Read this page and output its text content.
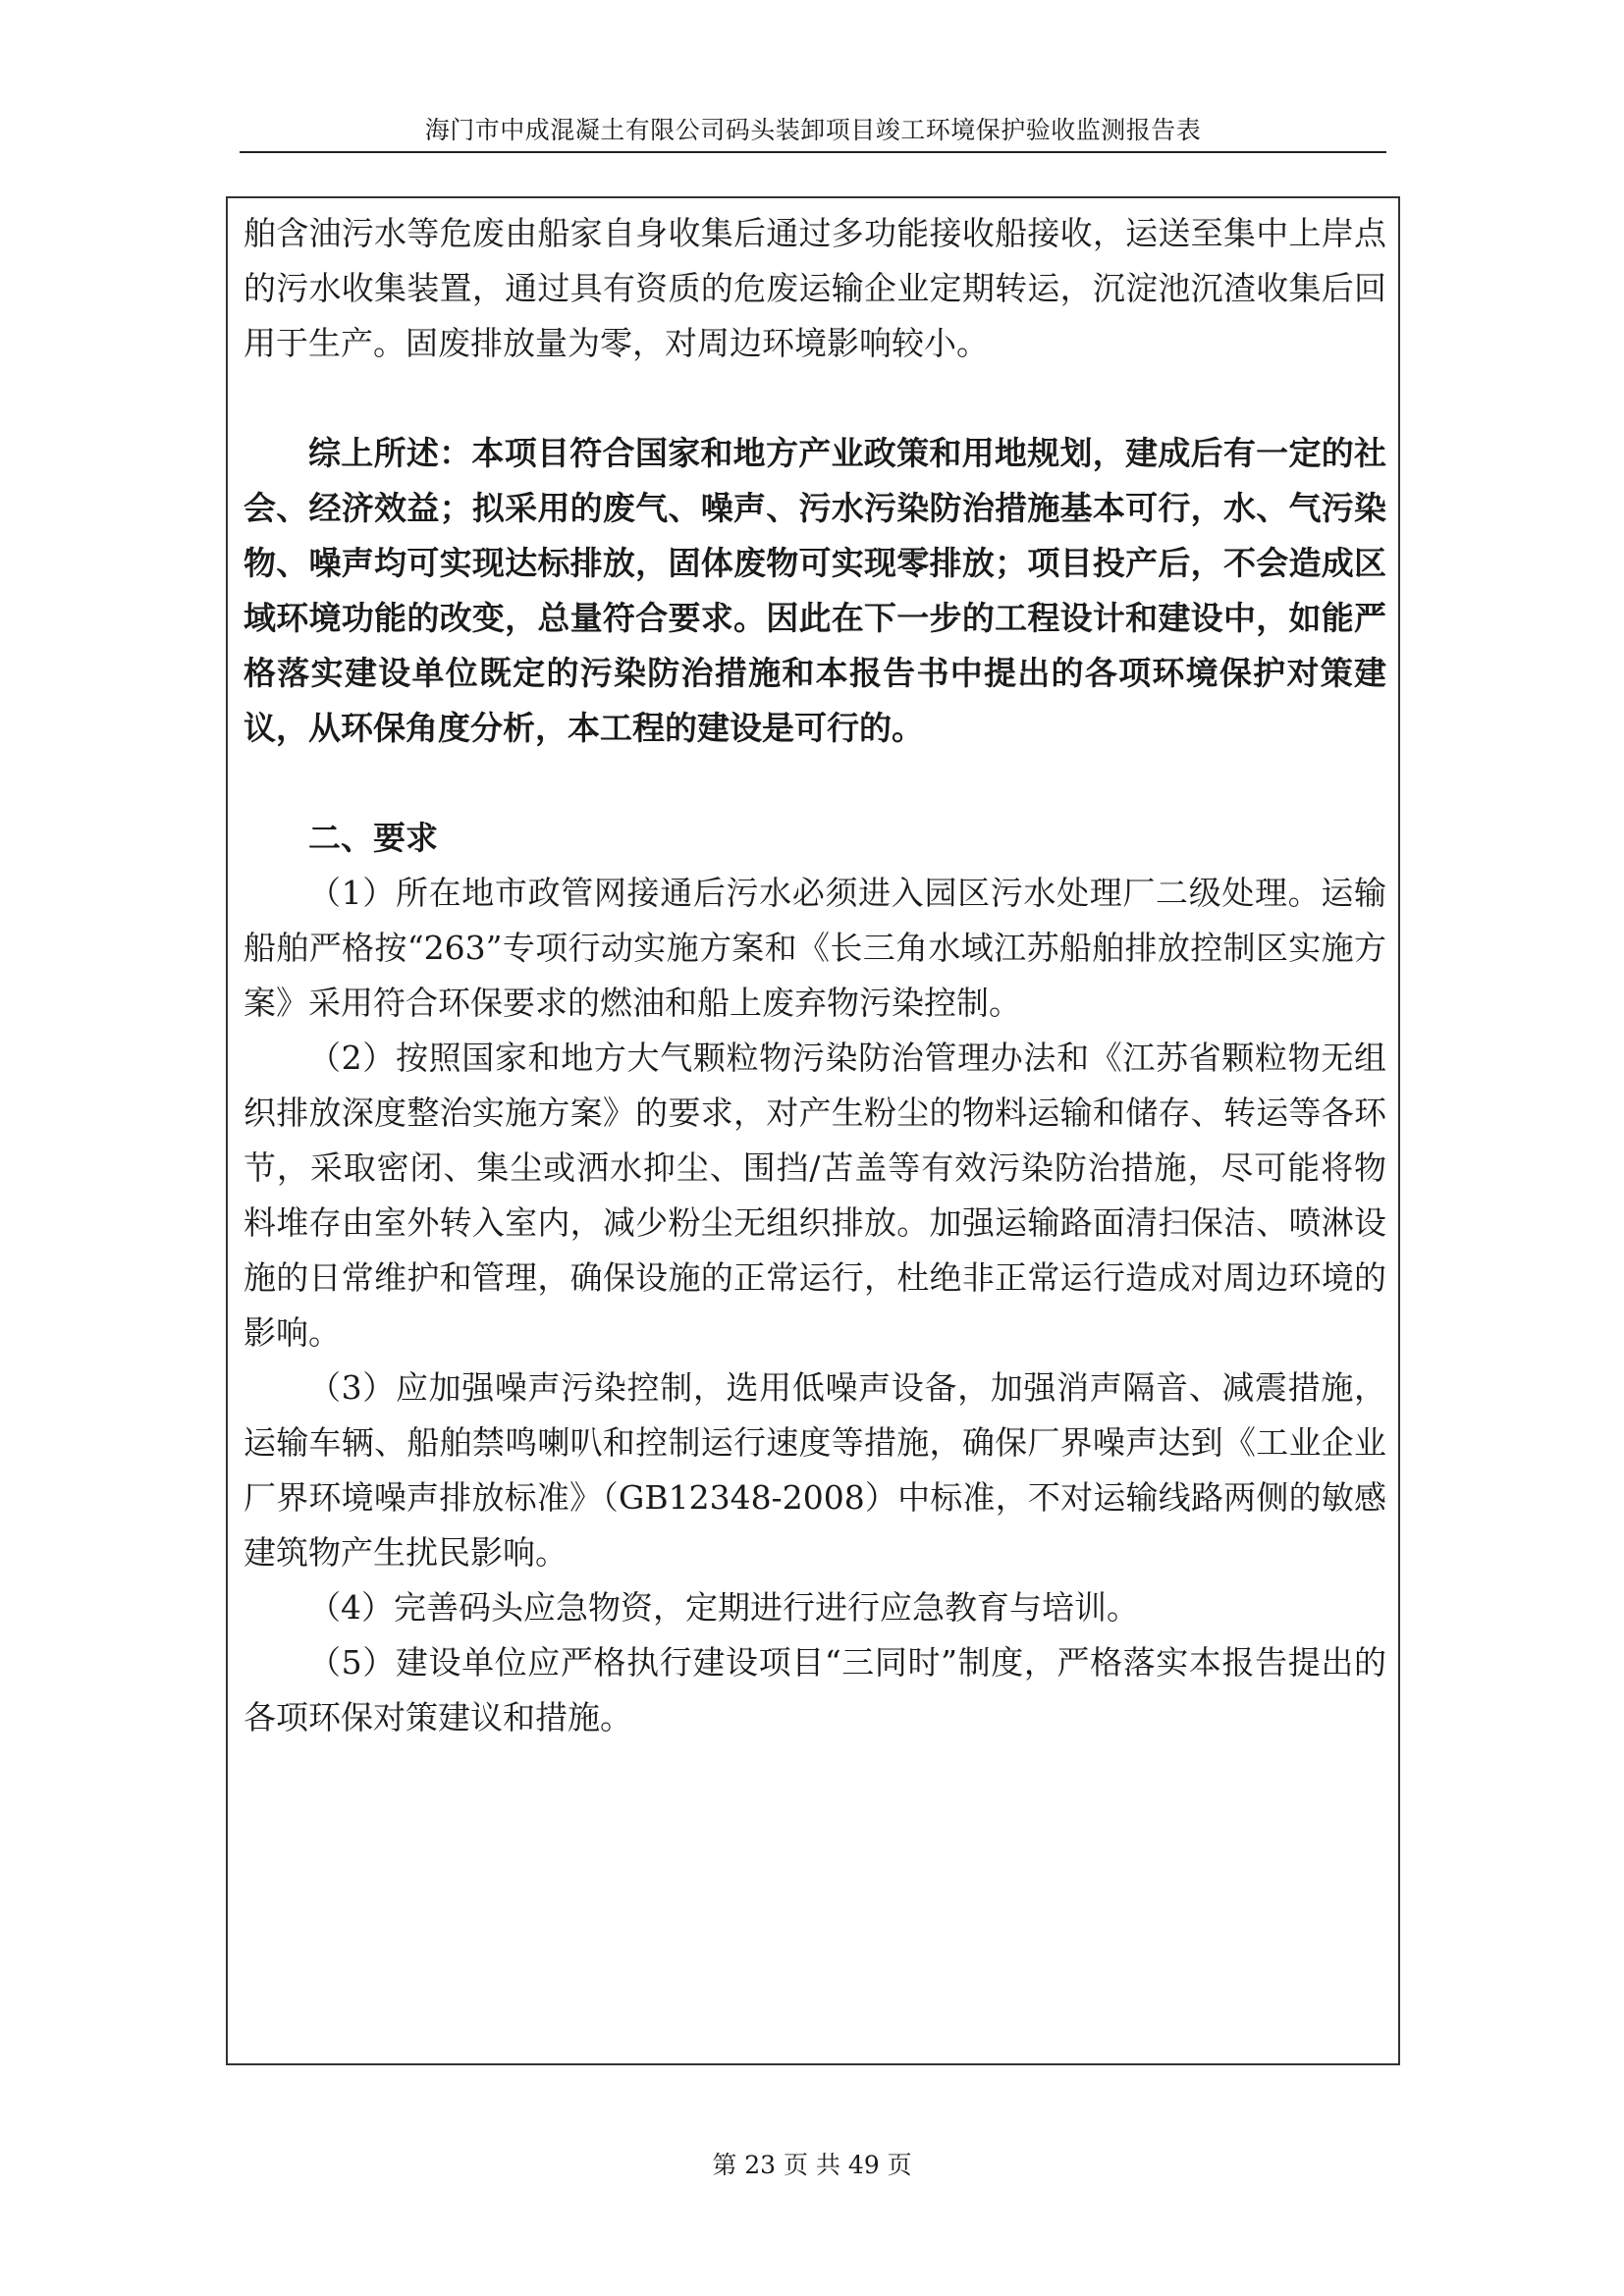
海门市中成混凝土有限公司码头装卸项目竣工环境保护验收监测报告表

舶含油污水等危废由船家自身收集后通过多功能接收船接收，运送至集中上岸点的污水收集装置，通过具有资质的危废运输企业定期转运，沉淀池沉渣收集后回用于生产。固废排放量为零，对周边环境影响较小。

综上所述：本项目符合国家和地方产业政策和用地规划，建成后有一定的社会、经济效益；拟采用的废气、噪声、污水污染防治措施基本可行，水、气污染物、噪声均可实现达标排放，固体废物可实现零排放；项目投产后，不会造成区域环境功能的改变，总量符合要求。因此在下一步的工程设计和建设中，如能严格落实建设单位既定的污染防治措施和本报告书中提出的各项环境保护对策建议，从环保角度分析，本工程的建设是可行的。

二、要求

（1）所在地市政管网接通后污水必须进入园区污水处理厂二级处理。运输船舶严格按“263”专项行动实施方案和《长三角水域江苏船舶排放控制区实施方案》采用符合环保要求的燃油和船上废弃物污染控制。

（2）按照国家和地方大气颗粒物污染防治管理办法和《江苏省颗粒物无组织排放深度整治实施方案》的要求，对产生粉尘的物料运输和储存、转运等各环节，采取密闭、集尘或洒水抑尘、围挡/苫盖等有效污染防治措施，尽可能将物料堆存由室外转入室内，减少粉尘无组织排放。加强运输路面清扫保洁、喷淋设施的日常维护和管理，确保设施的正常运行，杜绝非正常运行造成对周边环境的影响。

（3）应加强噪声污染控制，选用低噪声设备，加强消声隔音、减震措施，运输车辆、船舶禁鸣喇叭和控制运行速度等措施，确保厂界噪声达到《工业企业厂界环境噪声排放标准》（GB12348-2008）中标准，不对运输线路两侧的敏感建筑物产生扰民影响。

（4）完善码头应急物资，定期进行进行应急教育与培训。

（5）建设单位应严格执行建设项目“三同时”制度，严格落实本报告提出的各项环保对策建议和措施。

第 23 页 共 49 页
